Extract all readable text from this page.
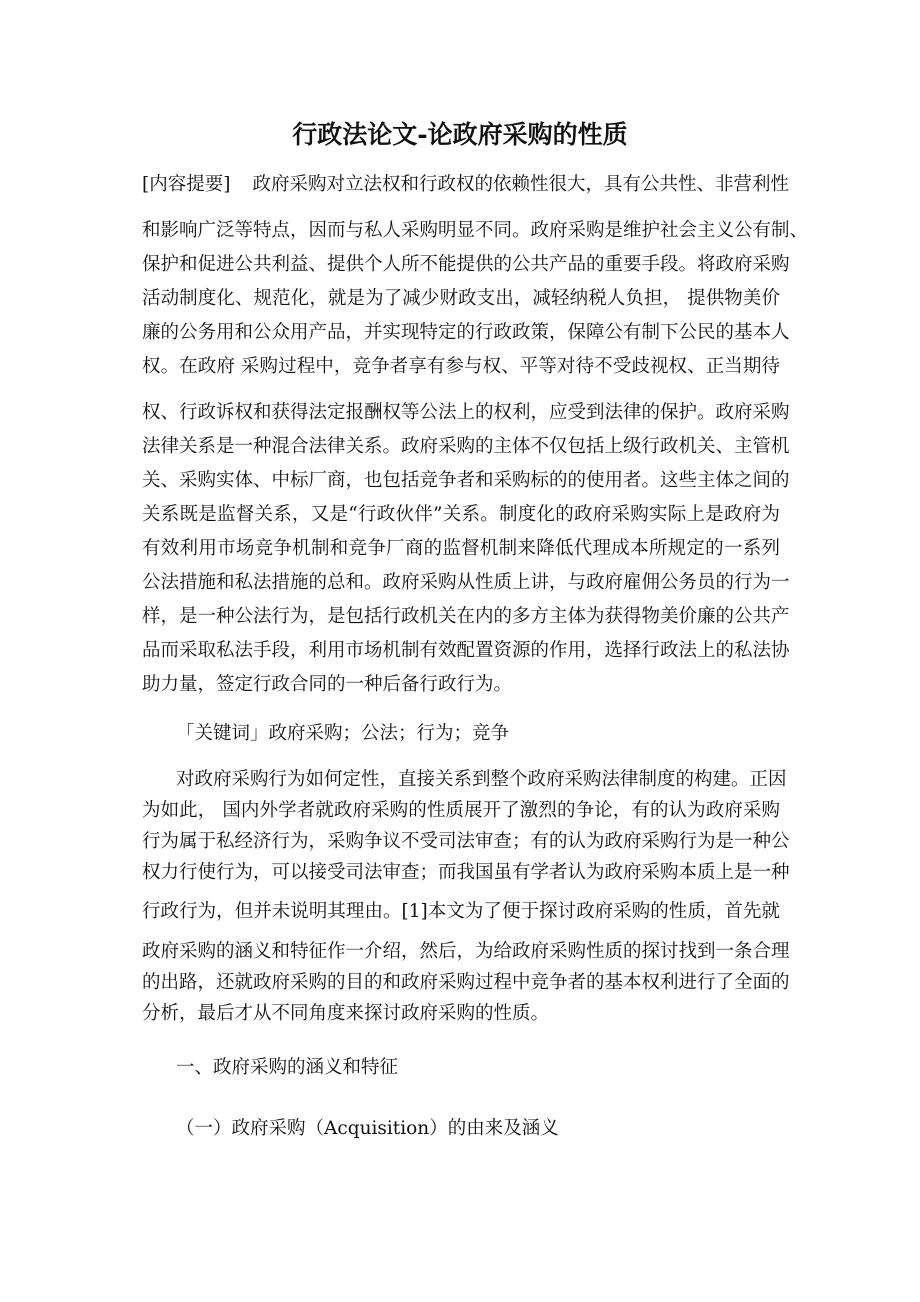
行政法论文-论政府采购的性质
[内容提要] 政府采购对立法权和行政权的依赖性很大，具有公共性、非营利性
和影响广泛等特点，因而与私人采购明显不同。政府采购是维护社会主义公有制、
保护和促进公共利益、提供个人所不能提供的公共产品的重要手段。将政府采购
活动制度化、规范化，就是为了减少财政支出，减轻纳税人负担， 提供物美价
廉的公务用和公众用产品，并实现特定的行政政策，保障公有制下公民的基本人
权。在政府 采购过程中，竞争者享有参与权、平等对待不受歧视权、正当期待
权、行政诉权和获得法定报酬权等公法上的权利，应受到法律的保护。政府采购
法律关系是一种混合法律关系。政府采购的主体不仅包括上级行政机关、主管机
关、采购实体、中标厂商，也包括竞争者和采购标的的使用者。这些主体之间的
关系既是监督关系，又是“行政伙伴”关系。制度化的政府采购实际上是政府为
有效利用市场竞争机制和竞争厂商的监督机制来降低代理成本所规定的一系列
公法措施和私法措施的总和。政府采购从性质上讲，与政府雇佣公务员的行为一
样，是一种公法行为，是包括行政机关在内的多方主体为获得物美价廉的公共产
品而采取私法手段，利用市场机制有效配置资源的作用，选择行政法上的私法协
助力量，签定行政合同的一种后备行政行为。
「关键词」政府采购；公法；行为；竞争
对政府采购行为如何定性，直接关系到整个政府采购法律制度的构建。正因
为如此， 国内外学者就政府采购的性质展开了激烈的争论，有的认为政府采购
行为属于私经济行为，采购争议不受司法审查；有的认为政府采购行为是一种公
权力行使行为，可以接受司法审查；而我国虽有学者认为政府采购本质上是一种
行政行为，但并未说明其理由。[1]本文为了便于探讨政府采购的性质，首先就
政府采购的涵义和特征作一介绍，然后，为给政府采购性质的探讨找到一条合理
的出路，还就政府采购的目的和政府采购过程中竞争者的基本权利进行了全面的
分析，最后才从不同角度来探讨政府采购的性质。
一、政府采购的涵义和特征
（一）政府采购（Acquisition）的由来及涵义
